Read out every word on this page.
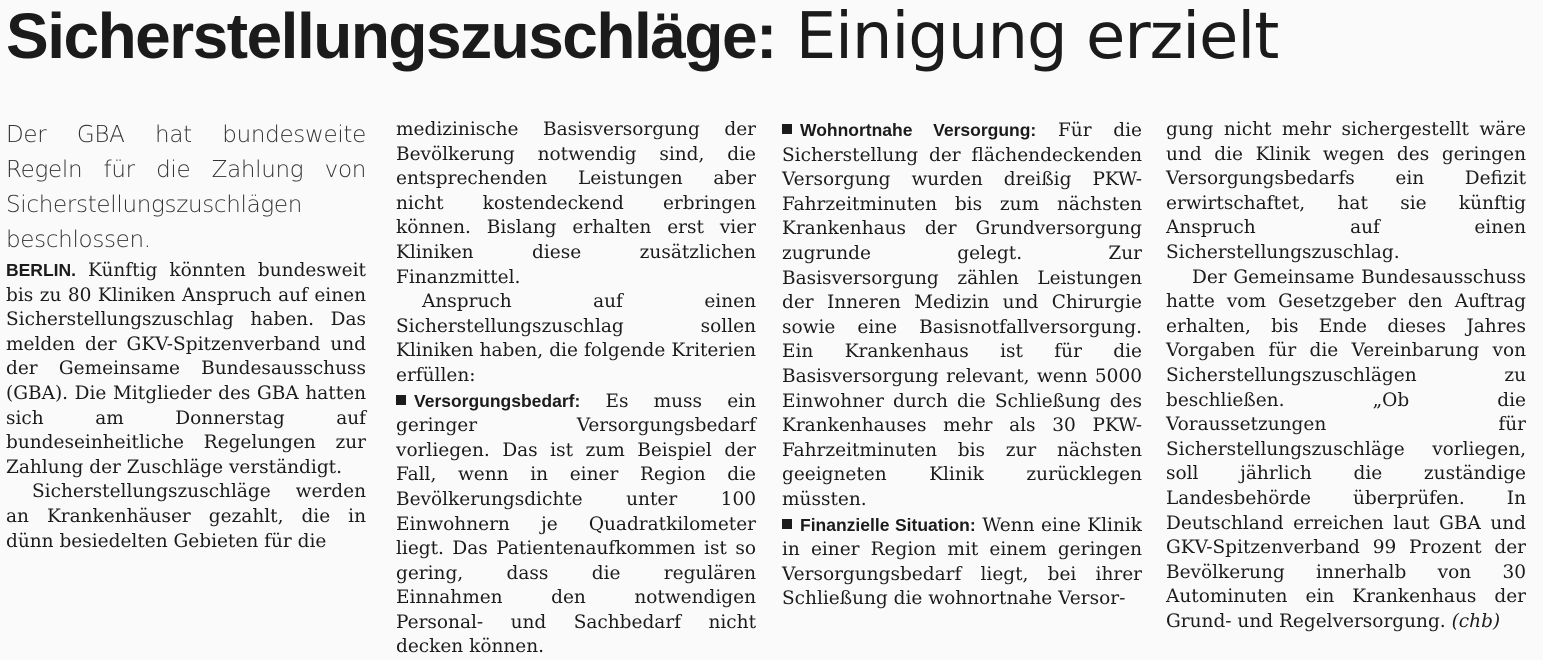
Sicherstellungszuschläge: Einigung erzielt

Der GBA hat bundesweite Regeln für die Zahlung von Sicherstellungszuschlägen beschlossen.

BERLIN. Künftig könnten bundesweit bis zu 80 Kliniken Anspruch auf einen Sicherstellungszuschlag haben. Das melden der GKV-Spitzenverband und der Gemeinsame Bundesausschuss (GBA). Die Mitglieder des GBA hatten sich am Donnerstag auf bundeseinheitliche Regelungen zur Zahlung der Zuschläge verständigt.

Sicherstellungszuschläge werden an Krankenhäuser gezahlt, die in dünn besiedelten Gebieten für die

medizinische Basisversorgung der Bevölkerung notwendig sind, die entsprechenden Leistungen aber nicht kostendeckend erbringen können. Bislang erhalten erst vier Kliniken diese zusätzlichen Finanzmittel.

Anspruch auf einen Sicherstellungszuschlag sollen Kliniken haben, die folgende Kriterien erfüllen:

Versorgungsbedarf: Es muss ein geringer Versorgungsbedarf vorliegen. Das ist zum Beispiel der Fall, wenn in einer Region die Bevölkerungsdichte unter 100 Einwohnern je Quadratkilometer liegt. Das Patientenaufkommen ist so gering, dass die regulären Einnahmen den notwendigen Personal- und Sachbedarf nicht decken können.

Wohnortnahe Versorgung: Für die Sicherstellung der flächendeckenden Versorgung wurden dreißig PKW-Fahrzeitminuten bis zum nächsten Krankenhaus der Grundversorgung zugrunde gelegt. Zur Basisversorgung zählen Leistungen der Inneren Medizin und Chirurgie sowie eine Basisnotfallversorgung. Ein Krankenhaus ist für die Basisversorgung relevant, wenn 5000 Einwohner durch die Schließung des Krankenhauses mehr als 30 PKW-Fahrzeitminuten bis zur nächsten geeigneten Klinik zurücklegen müssten.

Finanzielle Situation: Wenn eine Klinik in einer Region mit einem geringen Versorgungsbedarf liegt, bei ihrer Schließung die wohnortnahe Versor-

gung nicht mehr sichergestellt wäre und die Klinik wegen des geringen Versorgungsbedarfs ein Defizit erwirtschaftet, hat sie künftig Anspruch auf einen Sicherstellungszuschlag.

Der Gemeinsame Bundesausschuss hatte vom Gesetzgeber den Auftrag erhalten, bis Ende dieses Jahres Vorgaben für die Vereinbarung von Sicherstellungszuschlägen zu beschließen. „Ob die Voraussetzungen für Sicherstellungszuschläge vorliegen, soll jährlich die zuständige Landesbehörde überprüfen. In Deutschland erreichen laut GBA und GKV-Spitzenverband 99 Prozent der Bevölkerung innerhalb von 30 Autominuten ein Krankenhaus der Grund- und Regelversorgung. (chb)
